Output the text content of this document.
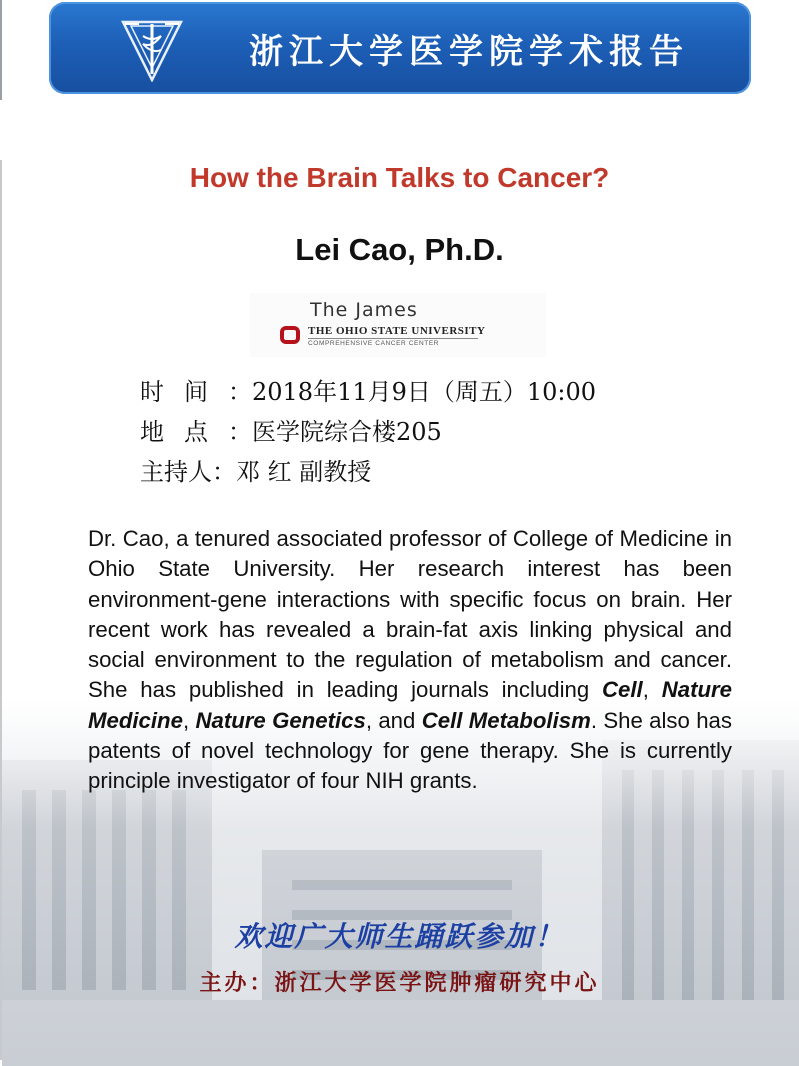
浙江大学医学院学术报告
How the Brain Talks to Cancer?
Lei Cao, Ph.D.
The James
THE OHIO STATE UNIVERSITY
COMPREHENSIVE CANCER CENTER
时间：2018年11月9日（周五）10:00
地点：医学院综合楼205
主持人：邓 红 副教授
Dr. Cao, a tenured associated professor of College of Medicine in Ohio State University. Her research interest has been environment-gene interactions with specific focus on brain. Her recent work has revealed a brain-fat axis linking physical and social environment to the regulation of metabolism and cancer. She has published in leading journals including Cell, Nature Medicine, Nature Genetics, and Cell Metabolism. She also has patents of novel technology for gene therapy. She is currently principle investigator of four NIH grants.
欢迎广大师生踊跃参加！
主办：浙江大学医学院肿瘤研究中心
